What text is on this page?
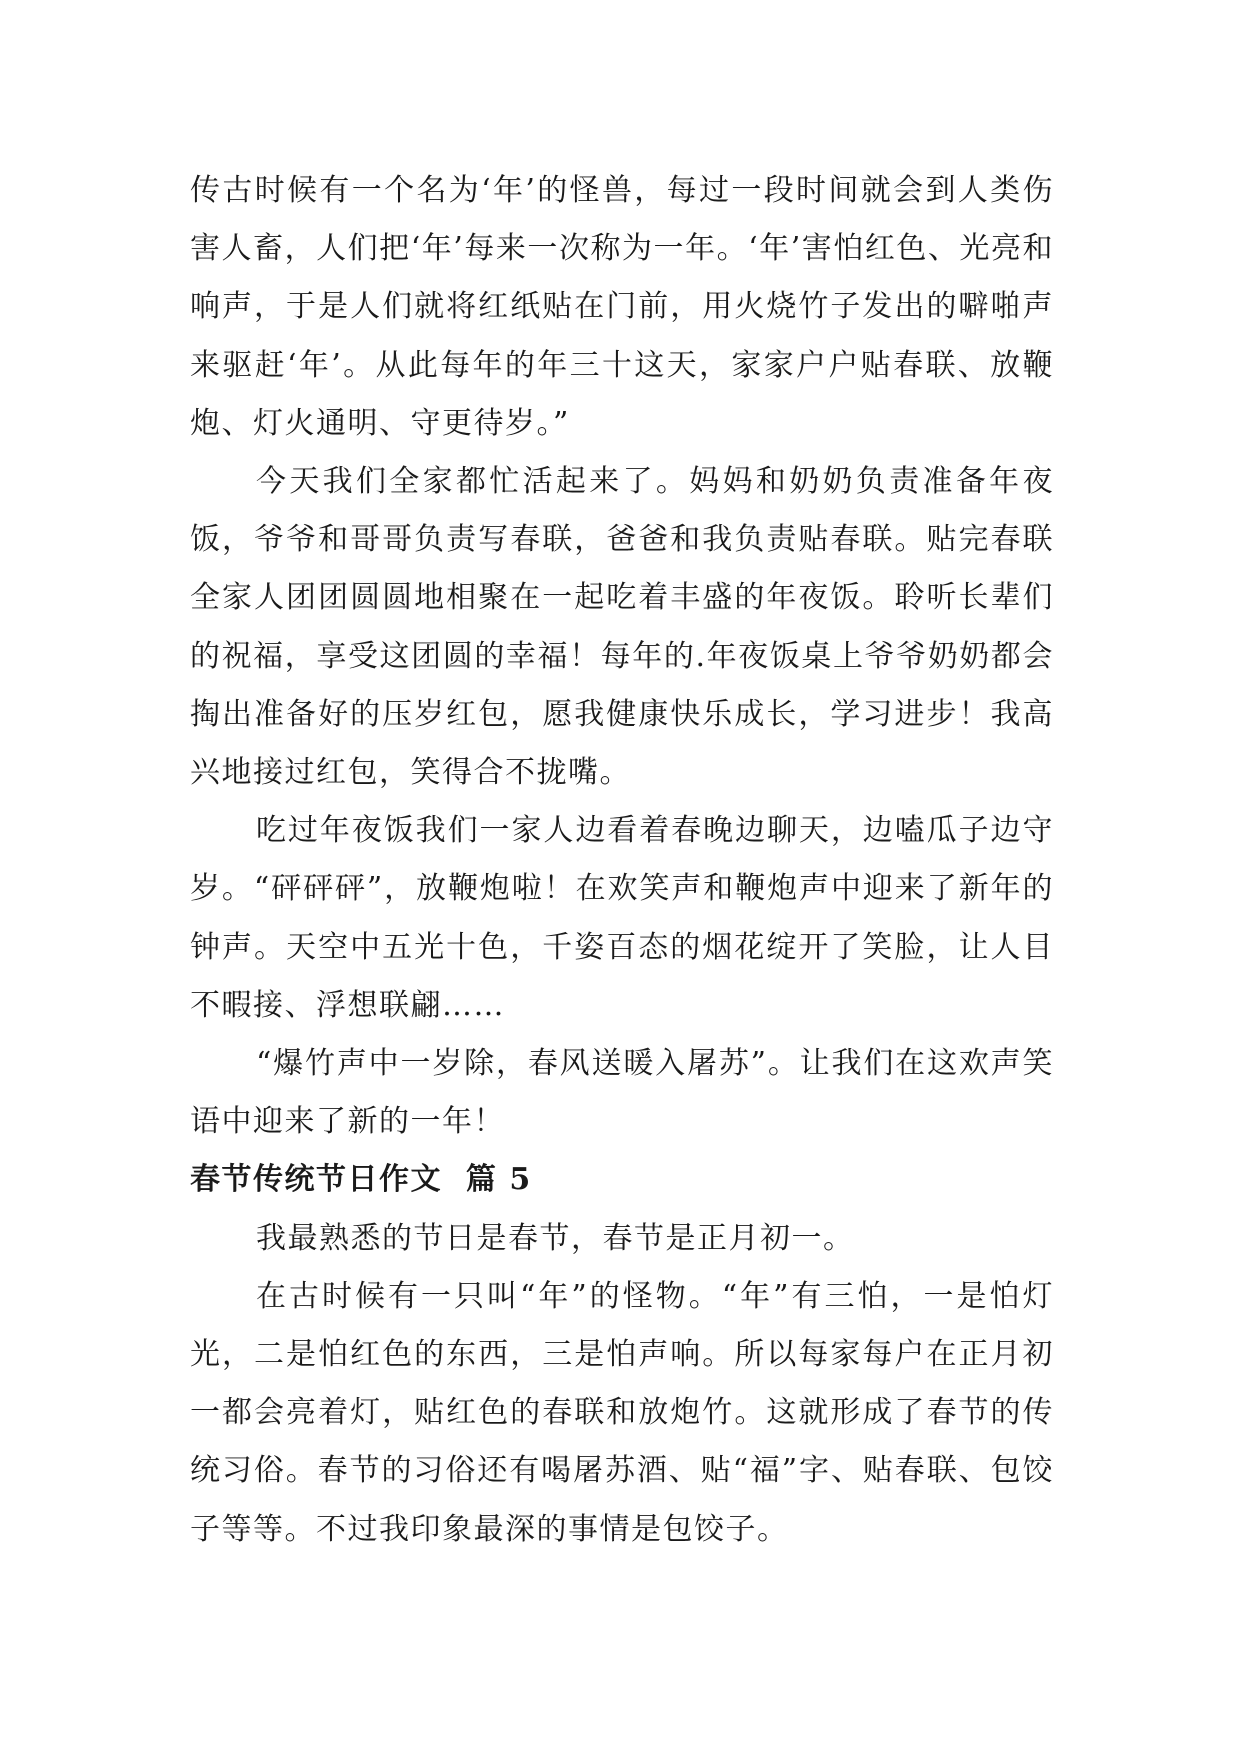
传古时候有一个名为‘年’的怪兽，每过一段时间就会到人类伤害人畜，人们把‘年’每来一次称为一年。‘年’害怕红色、光亮和响声，于是人们就将红纸贴在门前，用火烧竹子发出的噼啪声来驱赶‘年’。从此每年的年三十这天，家家户户贴春联、放鞭炮、灯火通明、守更待岁。”

今天我们全家都忙活起来了。妈妈和奶奶负责准备年夜饭，爷爷和哥哥负责写春联，爸爸和我负责贴春联。贴完春联全家人团团圆圆地相聚在一起吃着丰盛的年夜饭。聆听长辈们的祝福，享受这团圆的幸福！每年的.年夜饭桌上爷爷奶奶都会掏出准备好的压岁红包，愿我健康快乐成长，学习进步！我高兴地接过红包，笑得合不拢嘴。

吃过年夜饭我们一家人边看着春晚边聊天，边嗑瓜子边守岁。“砰砰砰”，放鞭炮啦！在欢笑声和鞭炮声中迎来了新年的钟声。天空中五光十色，千姿百态的烟花绽开了笑脸，让人目不暇接、浮想联翩……

“爆竹声中一岁除，春风送暖入屠苏”。让我们在这欢声笑语中迎来了新的一年！

春节传统节日作文  篇 5

我最熟悉的节日是春节，春节是正月初一。

在古时候有一只叫“年”的怪物。“年”有三怕，一是怕灯光，二是怕红色的东西，三是怕声响。所以每家每户在正月初一都会亮着灯，贴红色的春联和放炮竹。这就形成了春节的传统习俗。春节的习俗还有喝屠苏酒、贴“福”字、贴春联、包饺子等等。不过我印象最深的事情是包饺子。
